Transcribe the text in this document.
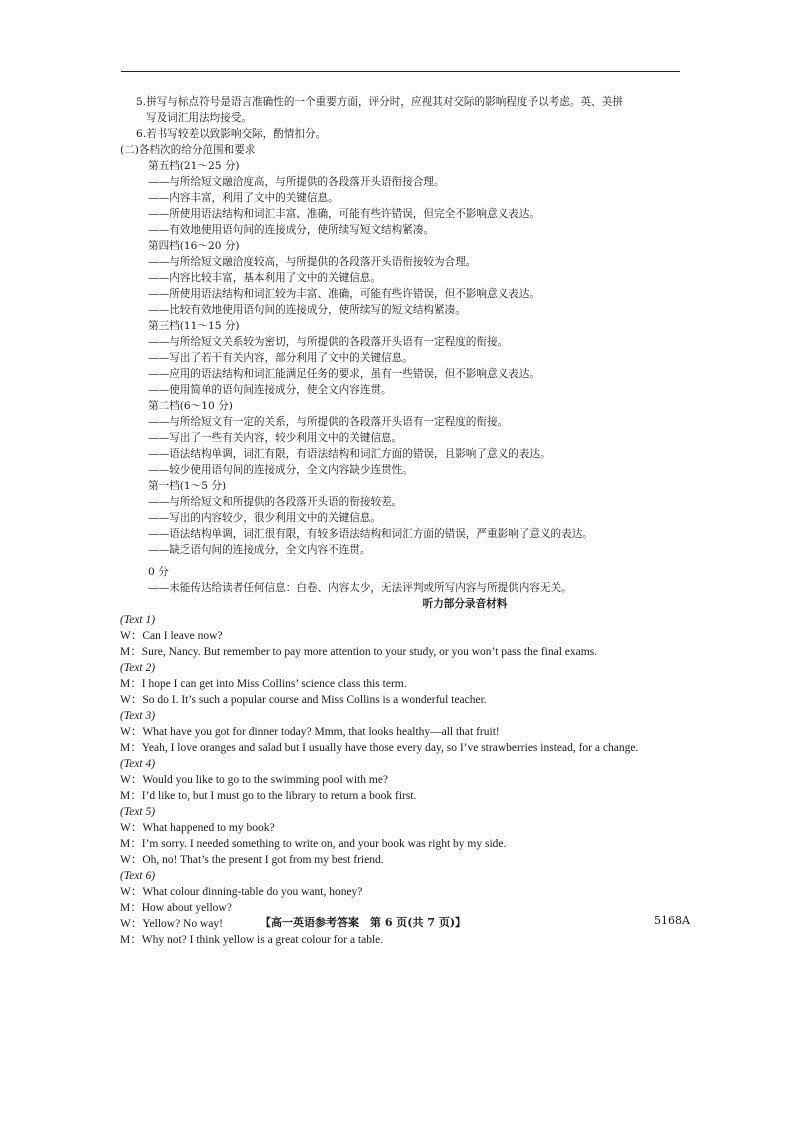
5.拼写与标点符号是语言准确性的一个重要方面，评分时，应视其对交际的影响程度予以考虑。英、美拼
写及词汇用法均接受。
6.若书写较差以致影响交际，酌情扣分。
(二)各档次的给分范围和要求
第五档(21～25 分)
——与所给短文融洽度高，与所提供的各段落开头语衔接合理。
——内容丰富，利用了文中的关键信息。
——所使用语法结构和词汇丰富、准确，可能有些许错误，但完全不影响意义表达。
——有效地使用语句间的连接成分，使所续写短文结构紧凑。
第四档(16～20 分)
——与所给短文融洽度较高，与所提供的各段落开头语衔接较为合理。
——内容比较丰富，基本利用了文中的关键信息。
——所使用语法结构和词汇较为丰富、准确，可能有些许错误，但不影响意义表达。
——比较有效地使用语句间的连接成分，使所续写的短文结构紧凑。
第三档(11～15 分)
——与所给短文关系较为密切，与所提供的各段落开头语有一定程度的衔接。
——写出了若干有关内容，部分利用了文中的关键信息。
——应用的语法结构和词汇能满足任务的要求，虽有一些错误，但不影响意义表达。
——使用简单的语句间连接成分，使全文内容连贯。
第二档(6～10 分)
——与所给短文有一定的关系，与所提供的各段落开头语有一定程度的衔接。
——写出了一些有关内容，较少利用文中的关键信息。
——语法结构单调，词汇有限，有语法结构和词汇方面的错误，且影响了意义的表达。
——较少使用语句间的连接成分，全文内容缺少连贯性。
第一档(1～5 分)
——与所给短文和所提供的各段落开头语的衔接较差。
——写出的内容较少，很少利用文中的关键信息。
——语法结构单调，词汇很有限，有较多语法结构和词汇方面的错误，严重影响了意义的表达。
——缺乏语句间的连接成分，全文内容不连贯。
0 分
——未能传达给读者任何信息：白卷、内容太少，无法评判或所写内容与所提供内容无关。
听力部分录音材料
(Text 1)
W：Can I leave now?
M：Sure, Nancy. But remember to pay more attention to your study, or you won’t pass the final exams.
(Text 2)
M：I hope I can get into Miss Collins’ science class this term.
W：So do I. It’s such a popular course and Miss Collins is a wonderful teacher.
(Text 3)
W：What have you got for dinner today? Mmm, that looks healthy—all that fruit!
M：Yeah, I love oranges and salad but I usually have those every day, so I’ve strawberries instead, for a change.
(Text 4)
W：Would you like to go to the swimming pool with me?
M：I’d like to, but I must go to the library to return a book first.
(Text 5)
W：What happened to my book?
M：I’m sorry. I needed something to write on, and your book was right by my side.
W：Oh, no! That’s the present I got from my best friend.
(Text 6)
W：What colour dinning-table do you want, honey?
M：How about yellow?
W：Yellow? No way!
M：Why not? I think yellow is a great colour for a table.
【高一英语参考答案　第 6 页(共 7 页)】	5168A
